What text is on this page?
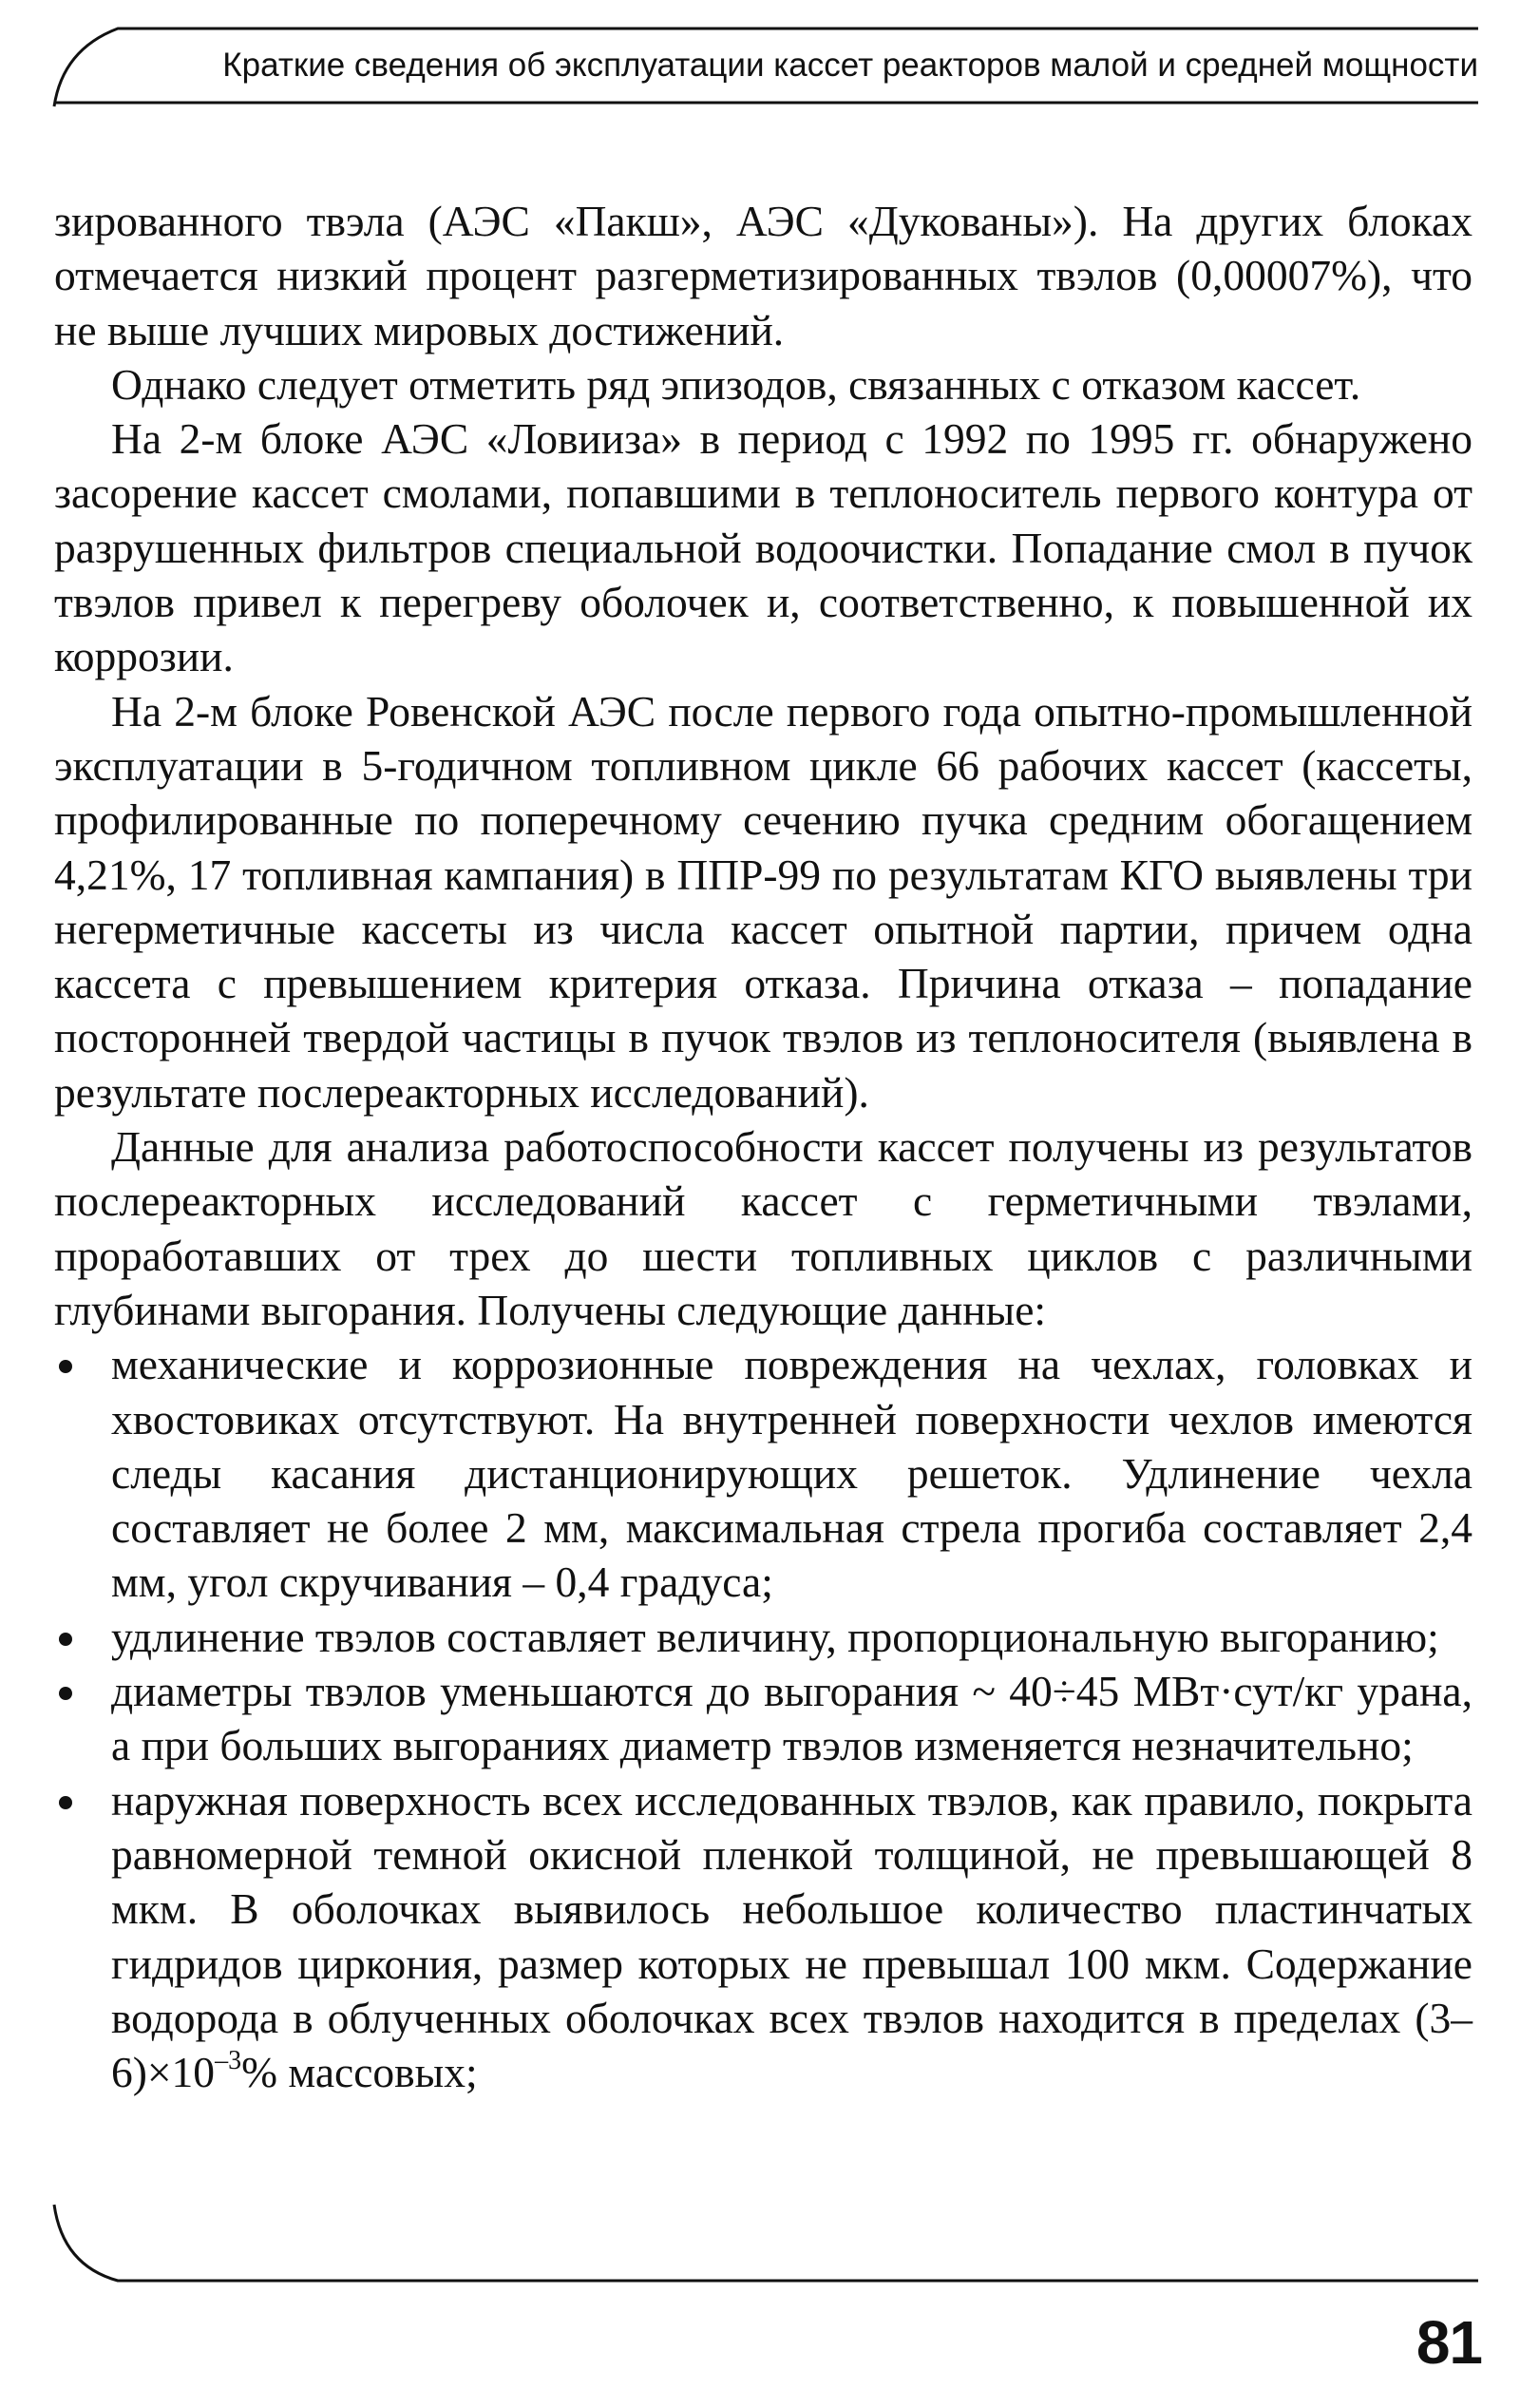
Краткие сведения об эксплуатации кассет реакторов малой и средней мощности

зированного твэла (АЭС «Пакш», АЭС «Дукованы»). На других блоках отмечается низкий процент разгерметизированных твэлов (0,00007%), что не выше лучших мировых достижений.

Однако следует отметить ряд эпизодов, связанных с отказом кассет.

На 2-м блоке АЭС «Ловииза» в период с 1992 по 1995 гг. обнаружено засорение кассет смолами, попавшими в теплоноситель первого контура от разрушенных фильтров специальной водоочистки. Попадание смол в пучок твэлов привел к перегреву оболочек и, соответственно, к повышенной их коррозии.

На 2-м блоке Ровенской АЭС после первого года опытно-промышленной эксплуатации в 5-годичном топливном цикле 66 рабочих кассет (кассеты, профилированные по поперечному сечению пучка средним обогащением 4,21%, 17 топливная кампания) в ППР-99 по результатам КГО выявлены три негерметичные кассеты из числа кассет опытной партии, причем одна кассета с превышением критерия отказа. Причина отказа – попадание посторонней твердой частицы в пучок твэлов из теплоносителя (выявлена в результате послереакторных исследований).

Данные для анализа работоспособности кассет получены из результатов послереакторных исследований кассет с герметичными твэлами, проработавших от трех до шести топливных циклов с различными глубинами выгорания. Получены следующие данные:

механические и коррозионные повреждения на чехлах, головках и хвостовиках отсутствуют. На внутренней поверхности чехлов имеются следы касания дистанционирующих решеток. Удлинение чехла составляет не более 2 мм, максимальная стрела прогиба составляет 2,4 мм, угол скручивания – 0,4 градуса;
удлинение твэлов составляет величину, пропорциональную выгоранию;
диаметры твэлов уменьшаются до выгорания ~ 40÷45 МВт·сут/кг урана, а при больших выгораниях диаметр твэлов изменяется незначительно;
наружная поверхность всех исследованных твэлов, как правило, покрыта равномерной темной окисной пленкой толщиной, не превышающей 8 мкм. В оболочках выявилось небольшое количество пластинчатых гидридов циркония, размер которых не превышал 100 мкм. Содержание водорода в облученных оболочках всех твэлов находится в пределах $(3-6)\times 10^{-3}\%$ массовых;
81
